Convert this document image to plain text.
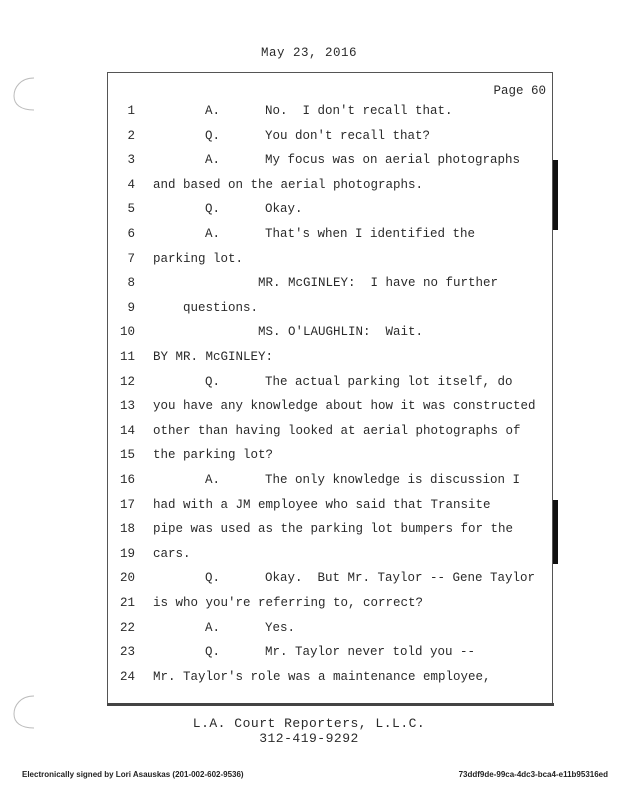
May 23, 2016
Page 60
1	A.      No.  I don't recall that.
2	Q.      You don't recall that?
3	A.      My focus was on aerial photographs
4 and based on the aerial photographs.
5	Q.      Okay.
6	A.      That's when I identified the
7 parking lot.
8	MR. McGINLEY:  I have no further
9	questions.
10	MS. O'LAUGHLIN:  Wait.
11 BY MR. McGINLEY:
12	Q.      The actual parking lot itself, do
13 you have any knowledge about how it was constructed
14 other than having looked at aerial photographs of
15 the parking lot?
16	A.      The only knowledge is discussion I
17 had with a JM employee who said that Transite
18 pipe was used as the parking lot bumpers for the
19 cars.
20	Q.      Okay.  But Mr. Taylor -- Gene Taylor
21 is who you're referring to, correct?
22	A.      Yes.
23	Q.      Mr. Taylor never told you --
24 Mr. Taylor's role was a maintenance employee,
L.A. Court Reporters, L.L.C.
312-419-9292
Electronically signed by Lori Asauskas (201-002-602-9536)	73ddf9de-99ca-4dc3-bca4-e11b95316ed
